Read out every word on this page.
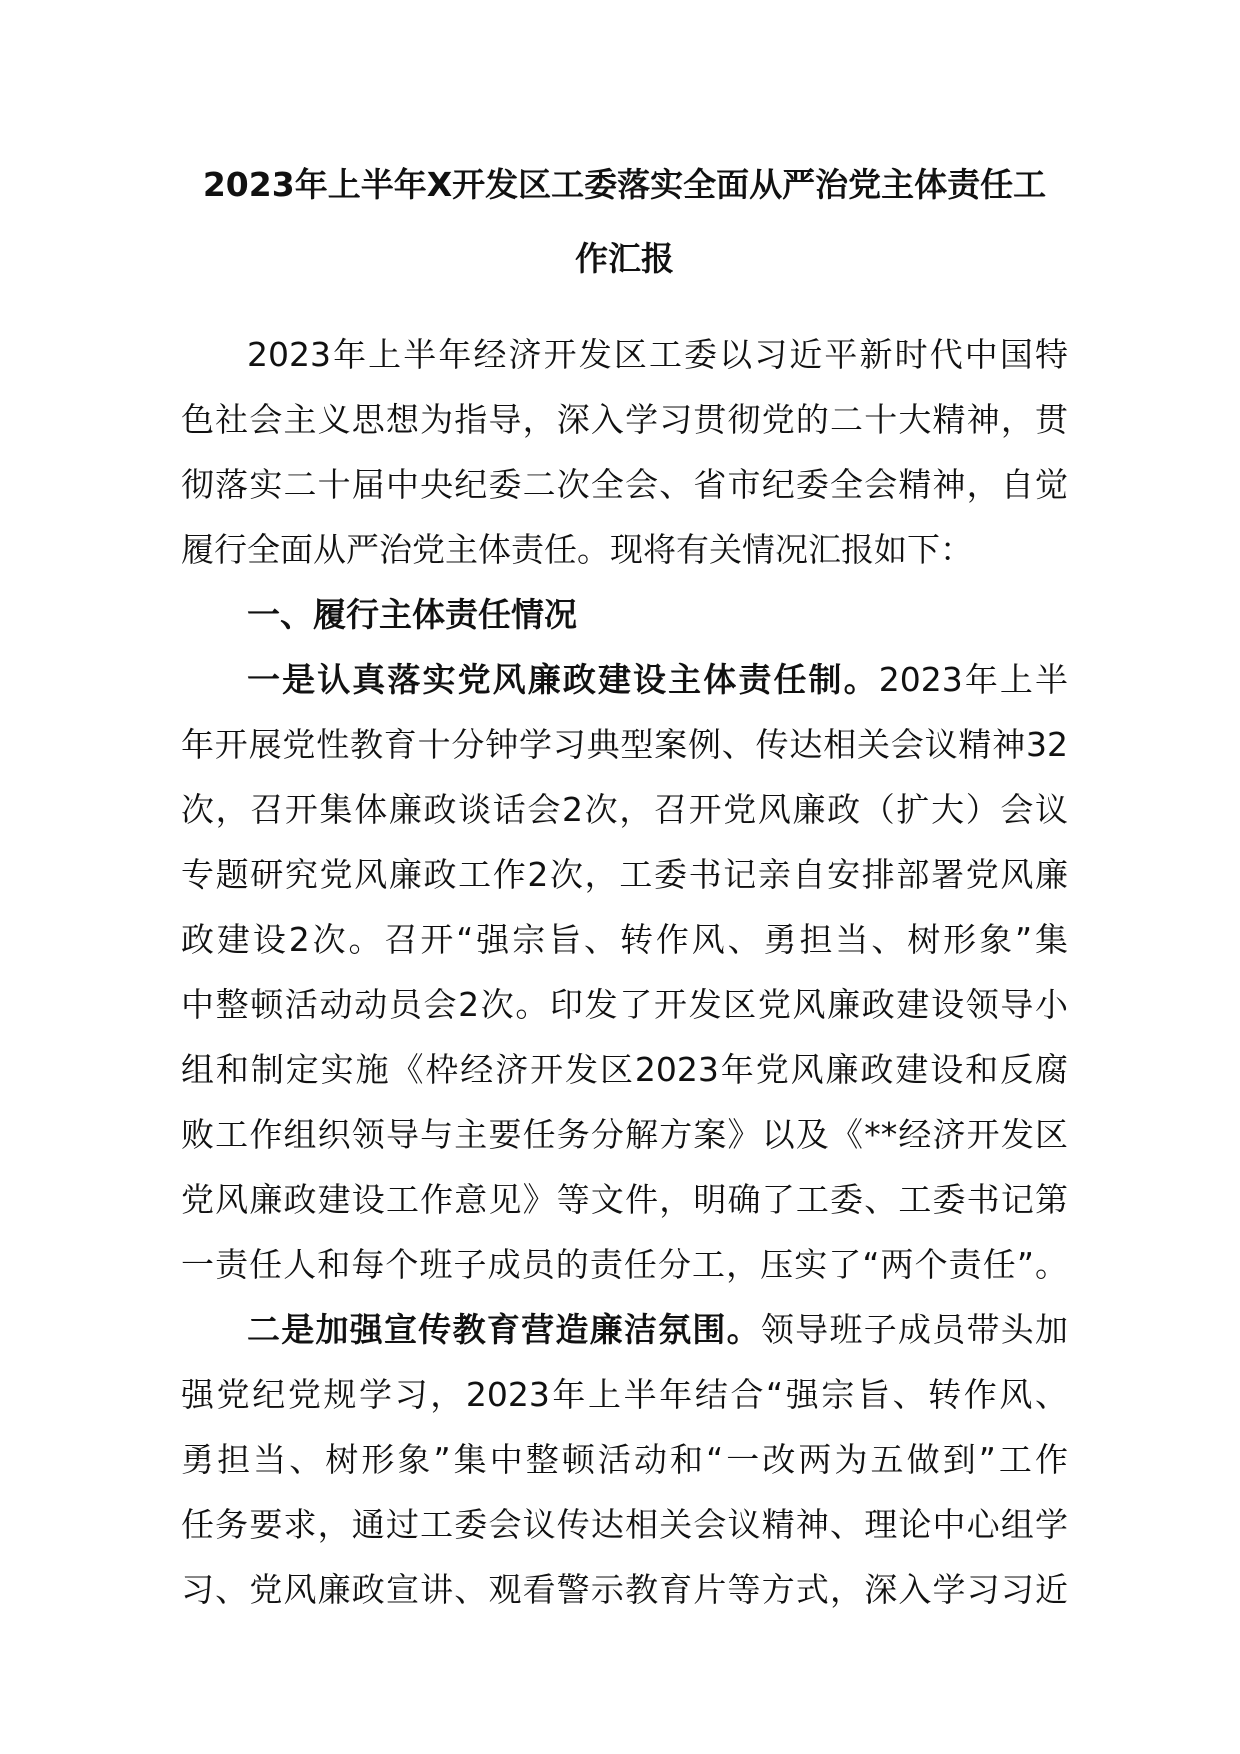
2023年上半年X开发区工委落实全面从严治党主体责任工
作汇报

2023年上半年经济开发区工委以习近平新时代中国特
色社会主义思想为指导，深入学习贯彻党的二十大精神，贯
彻落实二十届中央纪委二次全会、省市纪委全会精神，自觉
履行全面从严治党主体责任。现将有关情况汇报如下：

一、履行主体责任情况

一是认真落实党风廉政建设主体责任制。2023年上半
年开展党性教育十分钟学习典型案例、传达相关会议精神32
次，召开集体廉政谈话会2次，召开党风廉政（扩大）会议
专题研究党风廉政工作2次，工委书记亲自安排部署党风廉
政建设2次。召开“强宗旨、转作风、勇担当、树形象”集
中整顿活动动员会2次。印发了开发区党风廉政建设领导小
组和制定实施《枠经济开发区2023年党风廉政建设和反腐
败工作组织领导与主要任务分解方案》以及《**经济开发区
党风廉政建设工作意见》等文件，明确了工委、工委书记第
一责任人和每个班子成员的责任分工，压实了“两个责任”。

二是加强宣传教育营造廉洁氛围。领导班子成员带头加
强党纪党规学习，2023年上半年结合“强宗旨、转作风、
勇担当、树形象”集中整顿活动和“一改两为五做到”工作
任务要求，通过工委会议传达相关会议精神、理论中心组学
习、党风廉政宣讲、观看警示教育片等方式，深入学习习近
